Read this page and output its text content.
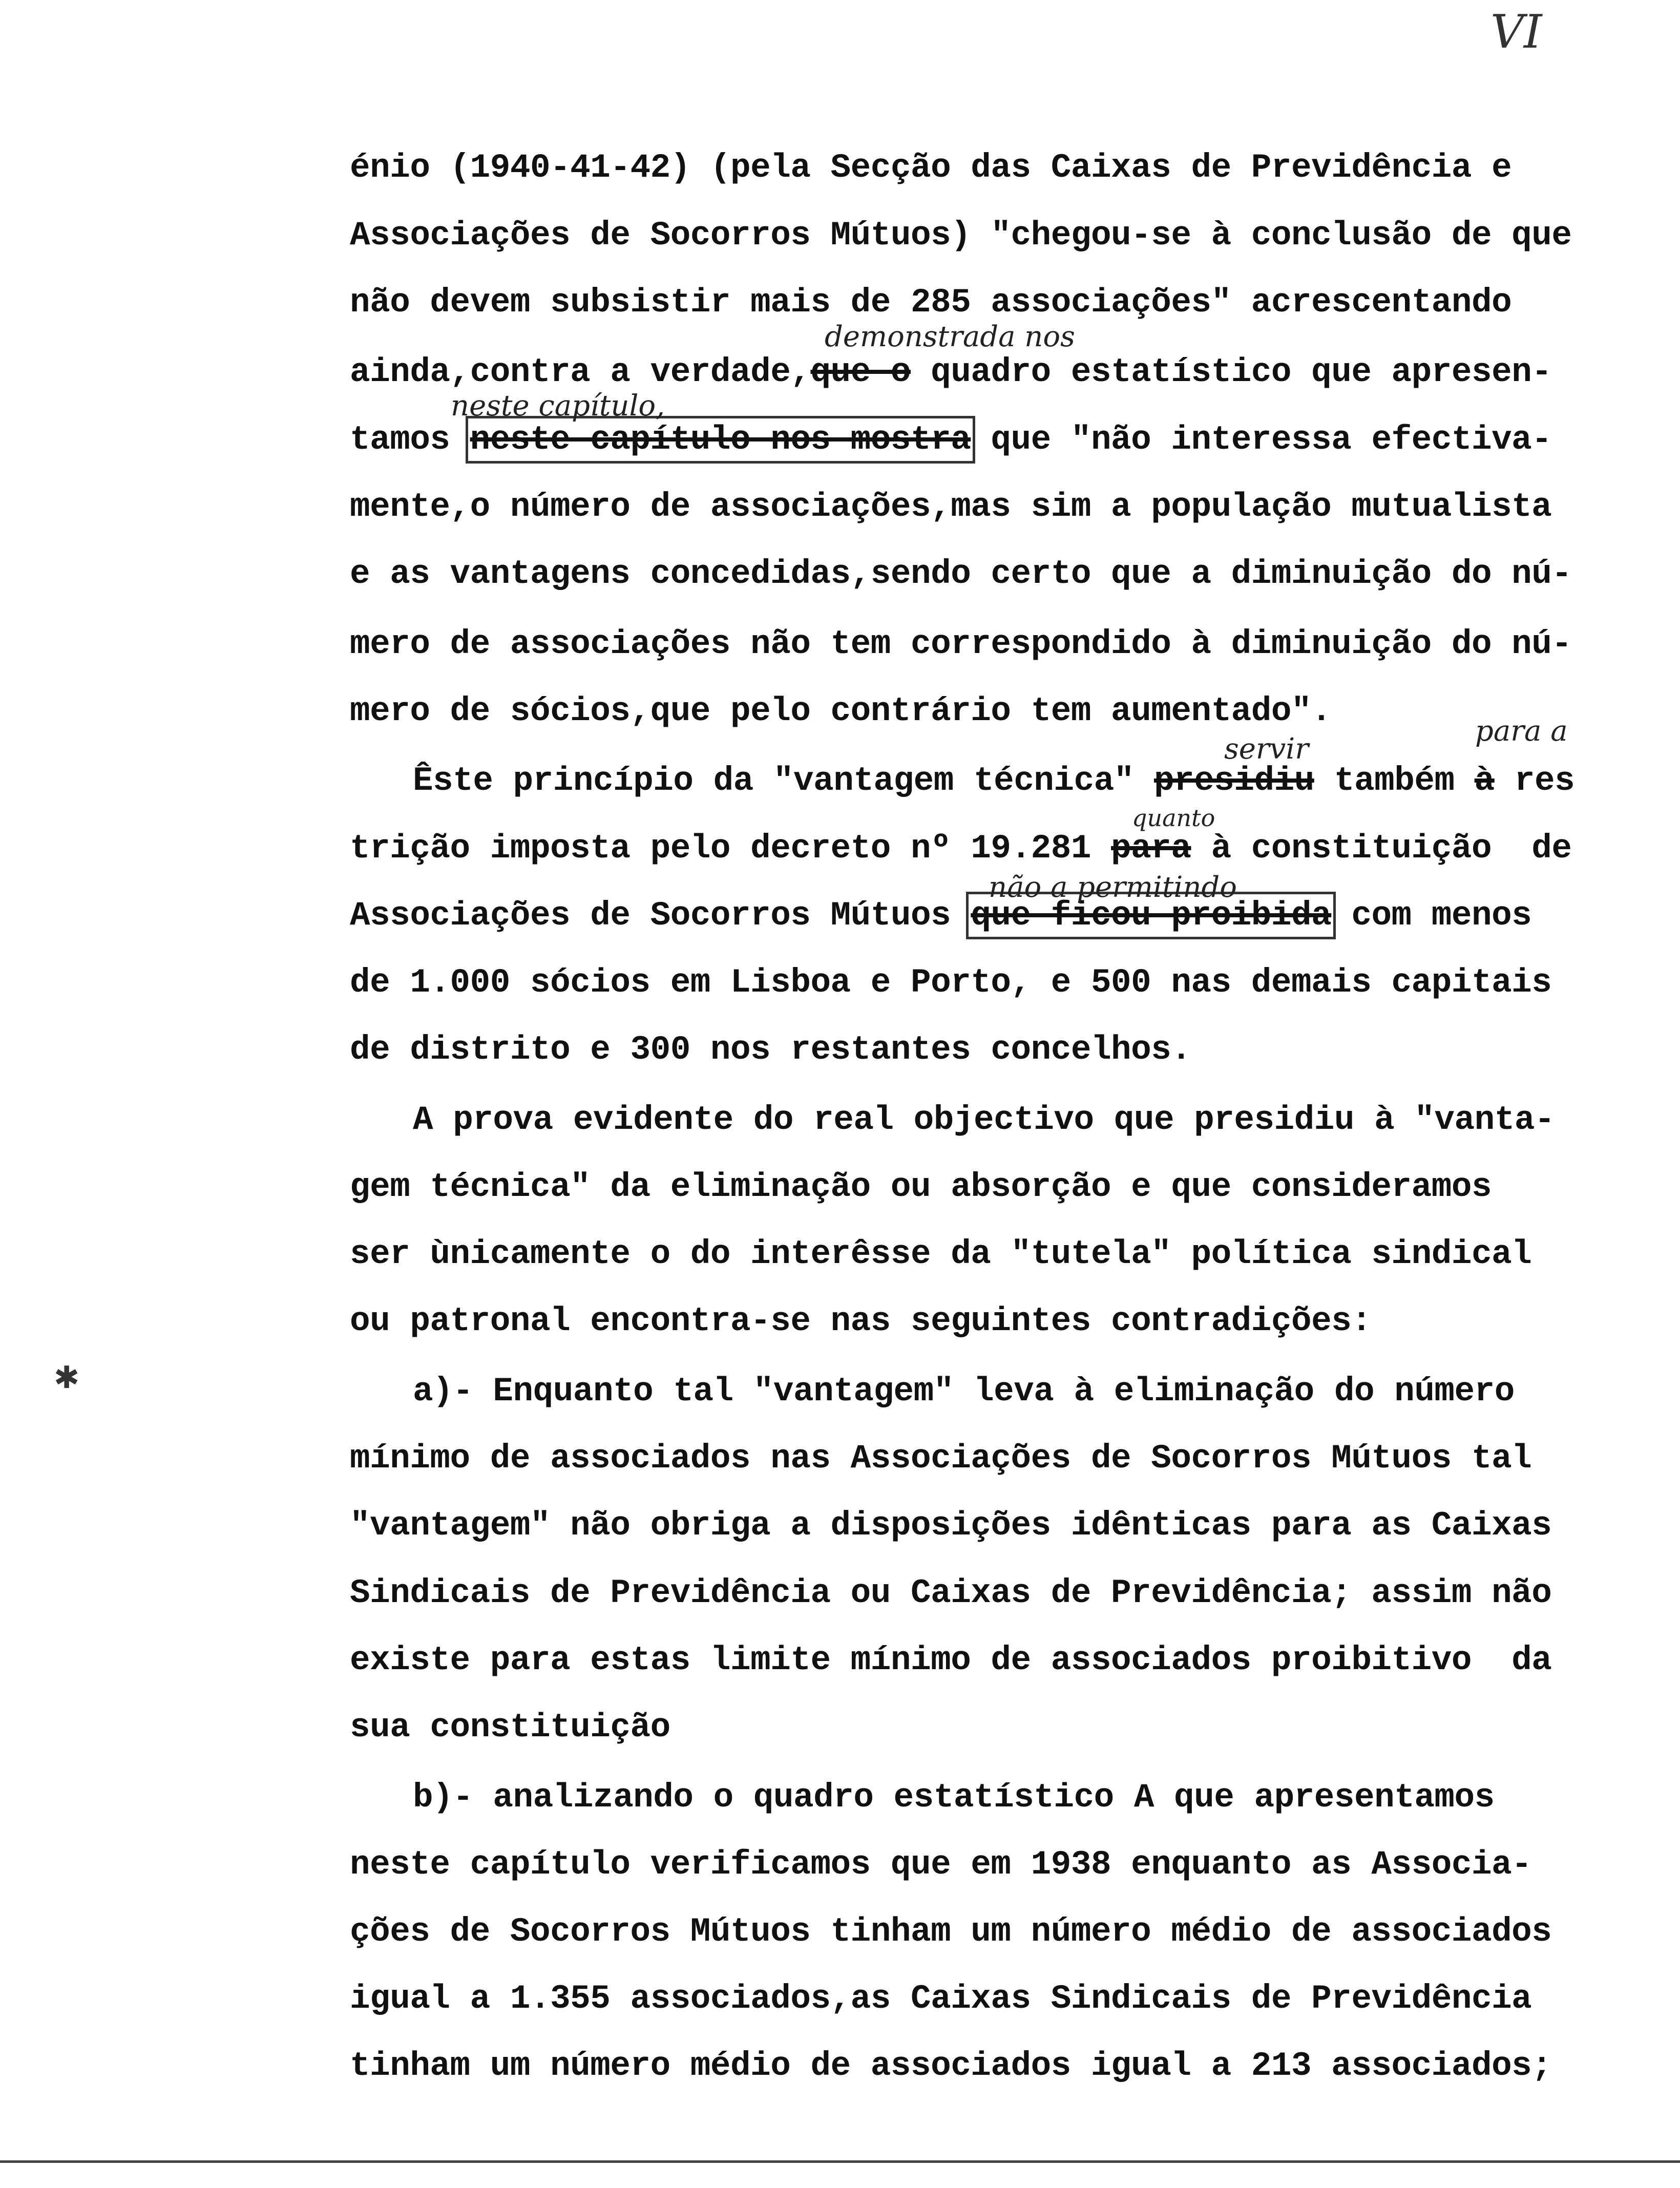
VI
✱
énio (1940-41-42) (pela Secção das Caixas de Previdência e
Associações de Socorros Mútuos) "chegou-se à conclusão de que
não devem subsistir mais de 285 associações" acrescentando
ainda,contra a verdade,que o quadro estatístico que apresen-
tamos neste capítulo nos mostra que "não interessa efectiva-
mente,o número de associações,mas sim a população mutualista
e as vantagens concedidas,sendo certo que a diminuição do nú-
mero de associações não tem correspondido à diminuição do nú-
mero de sócios,que pelo contrário tem aumentado".
Êste princípio da "vantagem técnica" presidiu também à res
trição imposta pelo decreto nº 19.281 para à constituição  de
Associações de Socorros Mútuos que ficou proibida com menos
de 1.000 sócios em Lisboa e Porto, e 500 nas demais capitais
de distrito e 300 nos restantes concelhos.
A prova evidente do real objectivo que presidiu à "vanta-
gem técnica" da eliminação ou absorção e que consideramos
ser ùnicamente o do interêsse da "tutela" política sindical
ou patronal encontra-se nas seguintes contradições:
a)- Enquanto tal "vantagem" leva à eliminação do número
mínimo de associados nas Associações de Socorros Mútuos tal
"vantagem" não obriga a disposições idênticas para as Caixas
Sindicais de Previdência ou Caixas de Previdência; assim não
existe para estas limite mínimo de associados proibitivo  da
sua constituição
b)- analizando o quadro estatístico A que apresentamos
neste capítulo verificamos que em 1938 enquanto as Associa-
ções de Socorros Mútuos tinham um número médio de associados
igual a 1.355 associados,as Caixas Sindicais de Previdência
tinham um número médio de associados igual a 213 associados;
demonstrada nos
neste capítulo,
servir
para a
quanto
não a permitindo
